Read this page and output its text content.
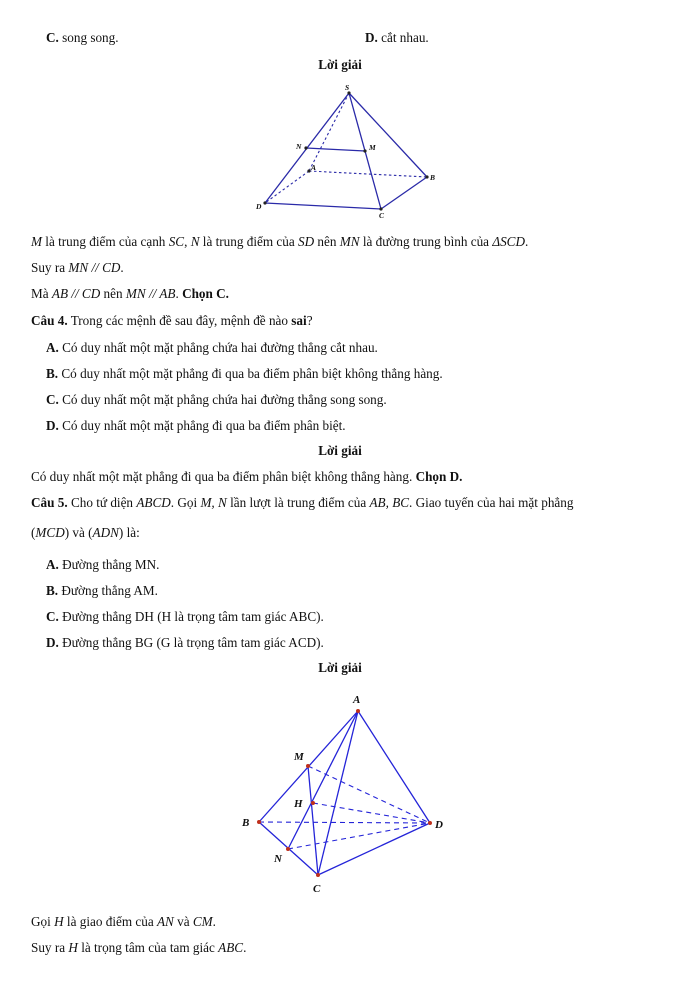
C. song song.	D. cắt nhau.
Lời giải
S
N	M
A
B
D
C
M là trung điểm của cạnh SC, N là trung điểm của SD nên MN là đường trung bình của ΔSCD.
Suy ra MN // CD.
Mà AB // CD nên MN // AB. Chọn C.
Câu 4. Trong các mệnh đề sau đây, mệnh đề nào sai?
A. Có duy nhất một mặt phẳng chứa hai đường thẳng cắt nhau.
B. Có duy nhất một mặt phẳng đi qua ba điểm phân biệt không thẳng hàng.
C. Có duy nhất một mặt phẳng chứa hai đường thẳng song song.
D. Có duy nhất một mặt phẳng đi qua ba điểm phân biệt.
Lời giải
Có duy nhất một mặt phẳng đi qua ba điểm phân biệt không thẳng hàng. Chọn D.
Câu 5. Cho tứ diện ABCD. Gọi M, N lần lượt là trung điểm của AB, BC. Giao tuyến của hai mặt phẳng
(MCD) và (ADN) là:
A. Đường thẳng MN.
B. Đường thẳng AM.
C. Đường thẳng DH (H là trọng tâm tam giác ABC).
D. Đường thẳng BG (G là trọng tâm tam giác ACD).
Lời giải
A
M
H
B	D
N
C
Gọi H là giao điểm của AN và CM.
Suy ra H là trọng tâm của tam giác ABC.
